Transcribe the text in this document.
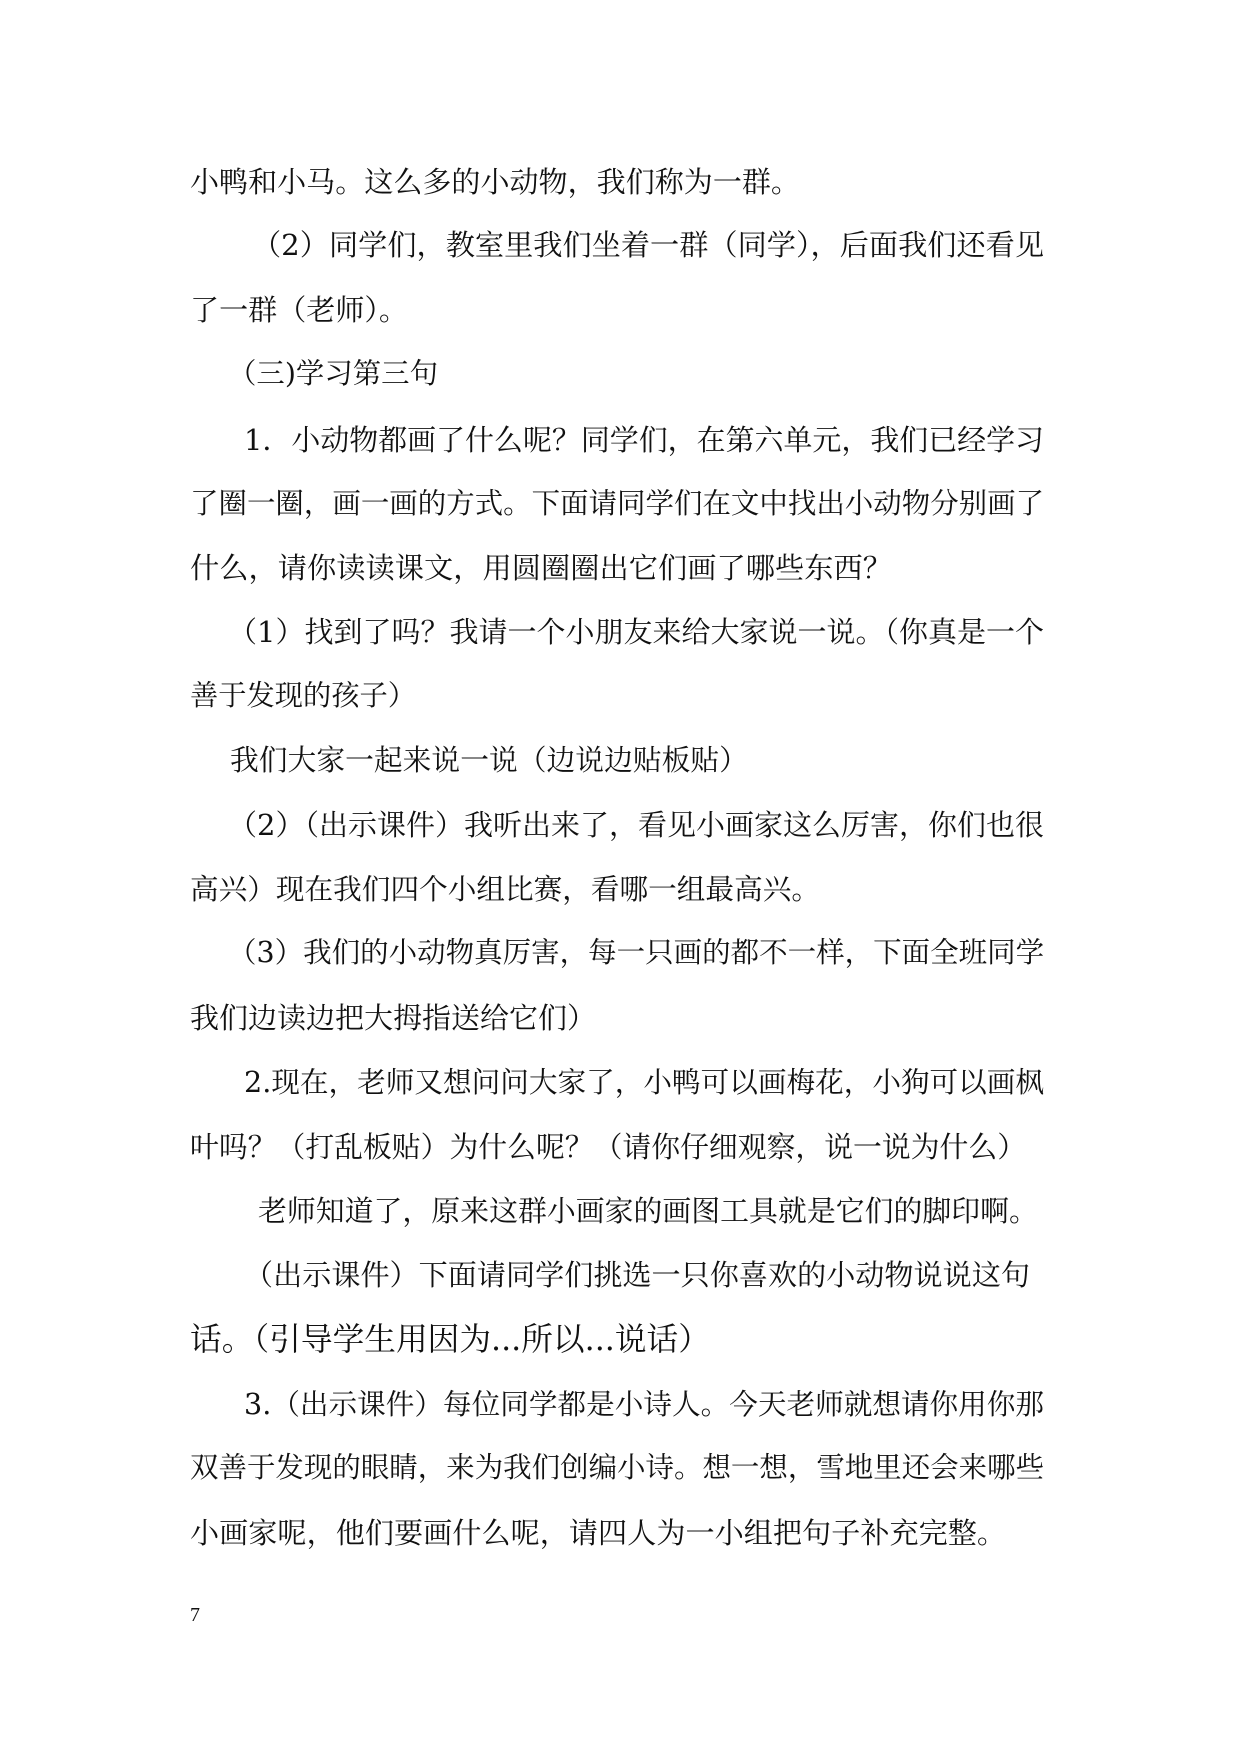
小鸭和小马。这么多的小动物，我们称为一群。
（2）同学们，教室里我们坐着一群（同学），后面我们还看见
了一群（老师）。
（三)学习第三句
1．小动物都画了什么呢？同学们，在第六单元，我们已经学习
了圈一圈，画一画的方式。下面请同学们在文中找出小动物分别画了
什么，请你读读课文，用圆圈圈出它们画了哪些东西？
（1）找到了吗？我请一个小朋友来给大家说一说。（你真是一个
善于发现的孩子）
我们大家一起来说一说（边说边贴板贴）
（2）（出示课件）我听出来了，看见小画家这么厉害，你们也很
高兴）现在我们四个小组比赛，看哪一组最高兴。
（3）我们的小动物真厉害，每一只画的都不一样，下面全班同学
我们边读边把大拇指送给它们）
2.现在，老师又想问问大家了，小鸭可以画梅花，小狗可以画枫
叶吗？（打乱板贴）为什么呢？（请你仔细观察，说一说为什么）
老师知道了，原来这群小画家的画图工具就是它们的脚印啊。
（出示课件）下面请同学们挑选一只你喜欢的小动物说说这句
话。（引导学生用因为...所以...说话）
3.（出示课件）每位同学都是小诗人。今天老师就想请你用你那
双善于发现的眼睛，来为我们创编小诗。想一想，雪地里还会来哪些
小画家呢，他们要画什么呢，请四人为一小组把句子补充完整。
7
